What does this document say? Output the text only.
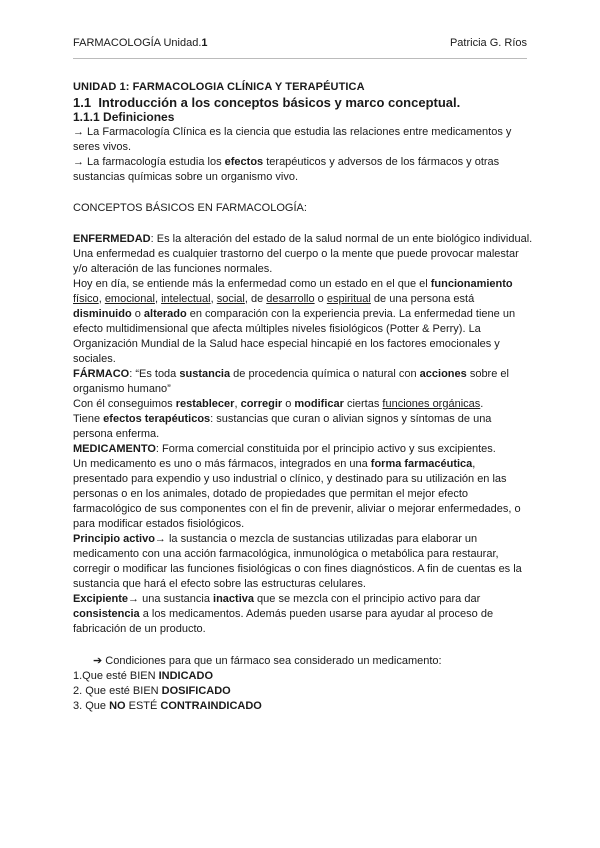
FARMACOLOGÍA Unidad.1	Patricia G. Ríos

UNIDAD 1: FARMACOLOGIA CLÍNICA Y TERAPÉUTICA

1.1 Introducción a los conceptos básicos y marco conceptual.

1.1.1 Definiciones

→ La Farmacología Clínica es la ciencia que estudia las relaciones entre medicamentos y seres vivos.

→ La farmacología estudia los efectos terapéuticos y adversos de los fármacos y otras sustancias químicas sobre un organismo vivo.

CONCEPTOS BÁSICOS EN FARMACOLOGÍA:

ENFERMEDAD: Es la alteración del estado de la salud normal de un ente biológico individual.

Una enfermedad es cualquier trastorno del cuerpo o la mente que puede provocar malestar y/o alteración de las funciones normales.

Hoy en día, se entiende más la enfermedad como un estado en el que el funcionamiento físico, emocional, intelectual, social, de desarrollo o espiritual de una persona está disminuido o alterado en comparación con la experiencia previa. La enfermedad tiene un efecto multidimensional que afecta múltiples niveles fisiológicos (Potter & Perry). La Organización Mundial de la Salud hace especial hincapié en los factores emocionales y sociales.

FÁRMACO: “Es toda sustancia de procedencia química o natural con acciones sobre el organismo humano”

Con él conseguimos restablecer, corregir o modificar ciertas funciones orgánicas.

Tiene efectos terapéuticos: sustancias que curan o alivian signos y síntomas de una persona enferma.

MEDICAMENTO: Forma comercial constituida por el principio activo y sus excipientes.

Un medicamento es uno o más fármacos, integrados en una forma farmacéutica, presentado para expendio y uso industrial o clínico, y destinado para su utilización en las personas o en los animales, dotado de propiedades que permitan el mejor efecto farmacológico de sus componentes con el fin de prevenir, aliviar o mejorar enfermedades, o para modificar estados fisiológicos.

Principio activo→ la sustancia o mezcla de sustancias utilizadas para elaborar un medicamento con una acción farmacológica, inmunológica o metabólica para restaurar, corregir o modificar las funciones fisiológicas o con fines diagnósticos. A fin de cuentas es la sustancia que hará el efecto sobre las estructuras celulares.

Excipiente→ una sustancia inactiva que se mezcla con el principio activo para dar consistencia a los medicamentos. Además pueden usarse para ayudar al proceso de fabricación de un producto.

➔ Condiciones para que un fármaco sea considerado un medicamento:

1.Que esté BIEN INDICADO

2. Que esté BIEN DOSIFICADO

3. Que NO ESTÉ CONTRAINDICADO
